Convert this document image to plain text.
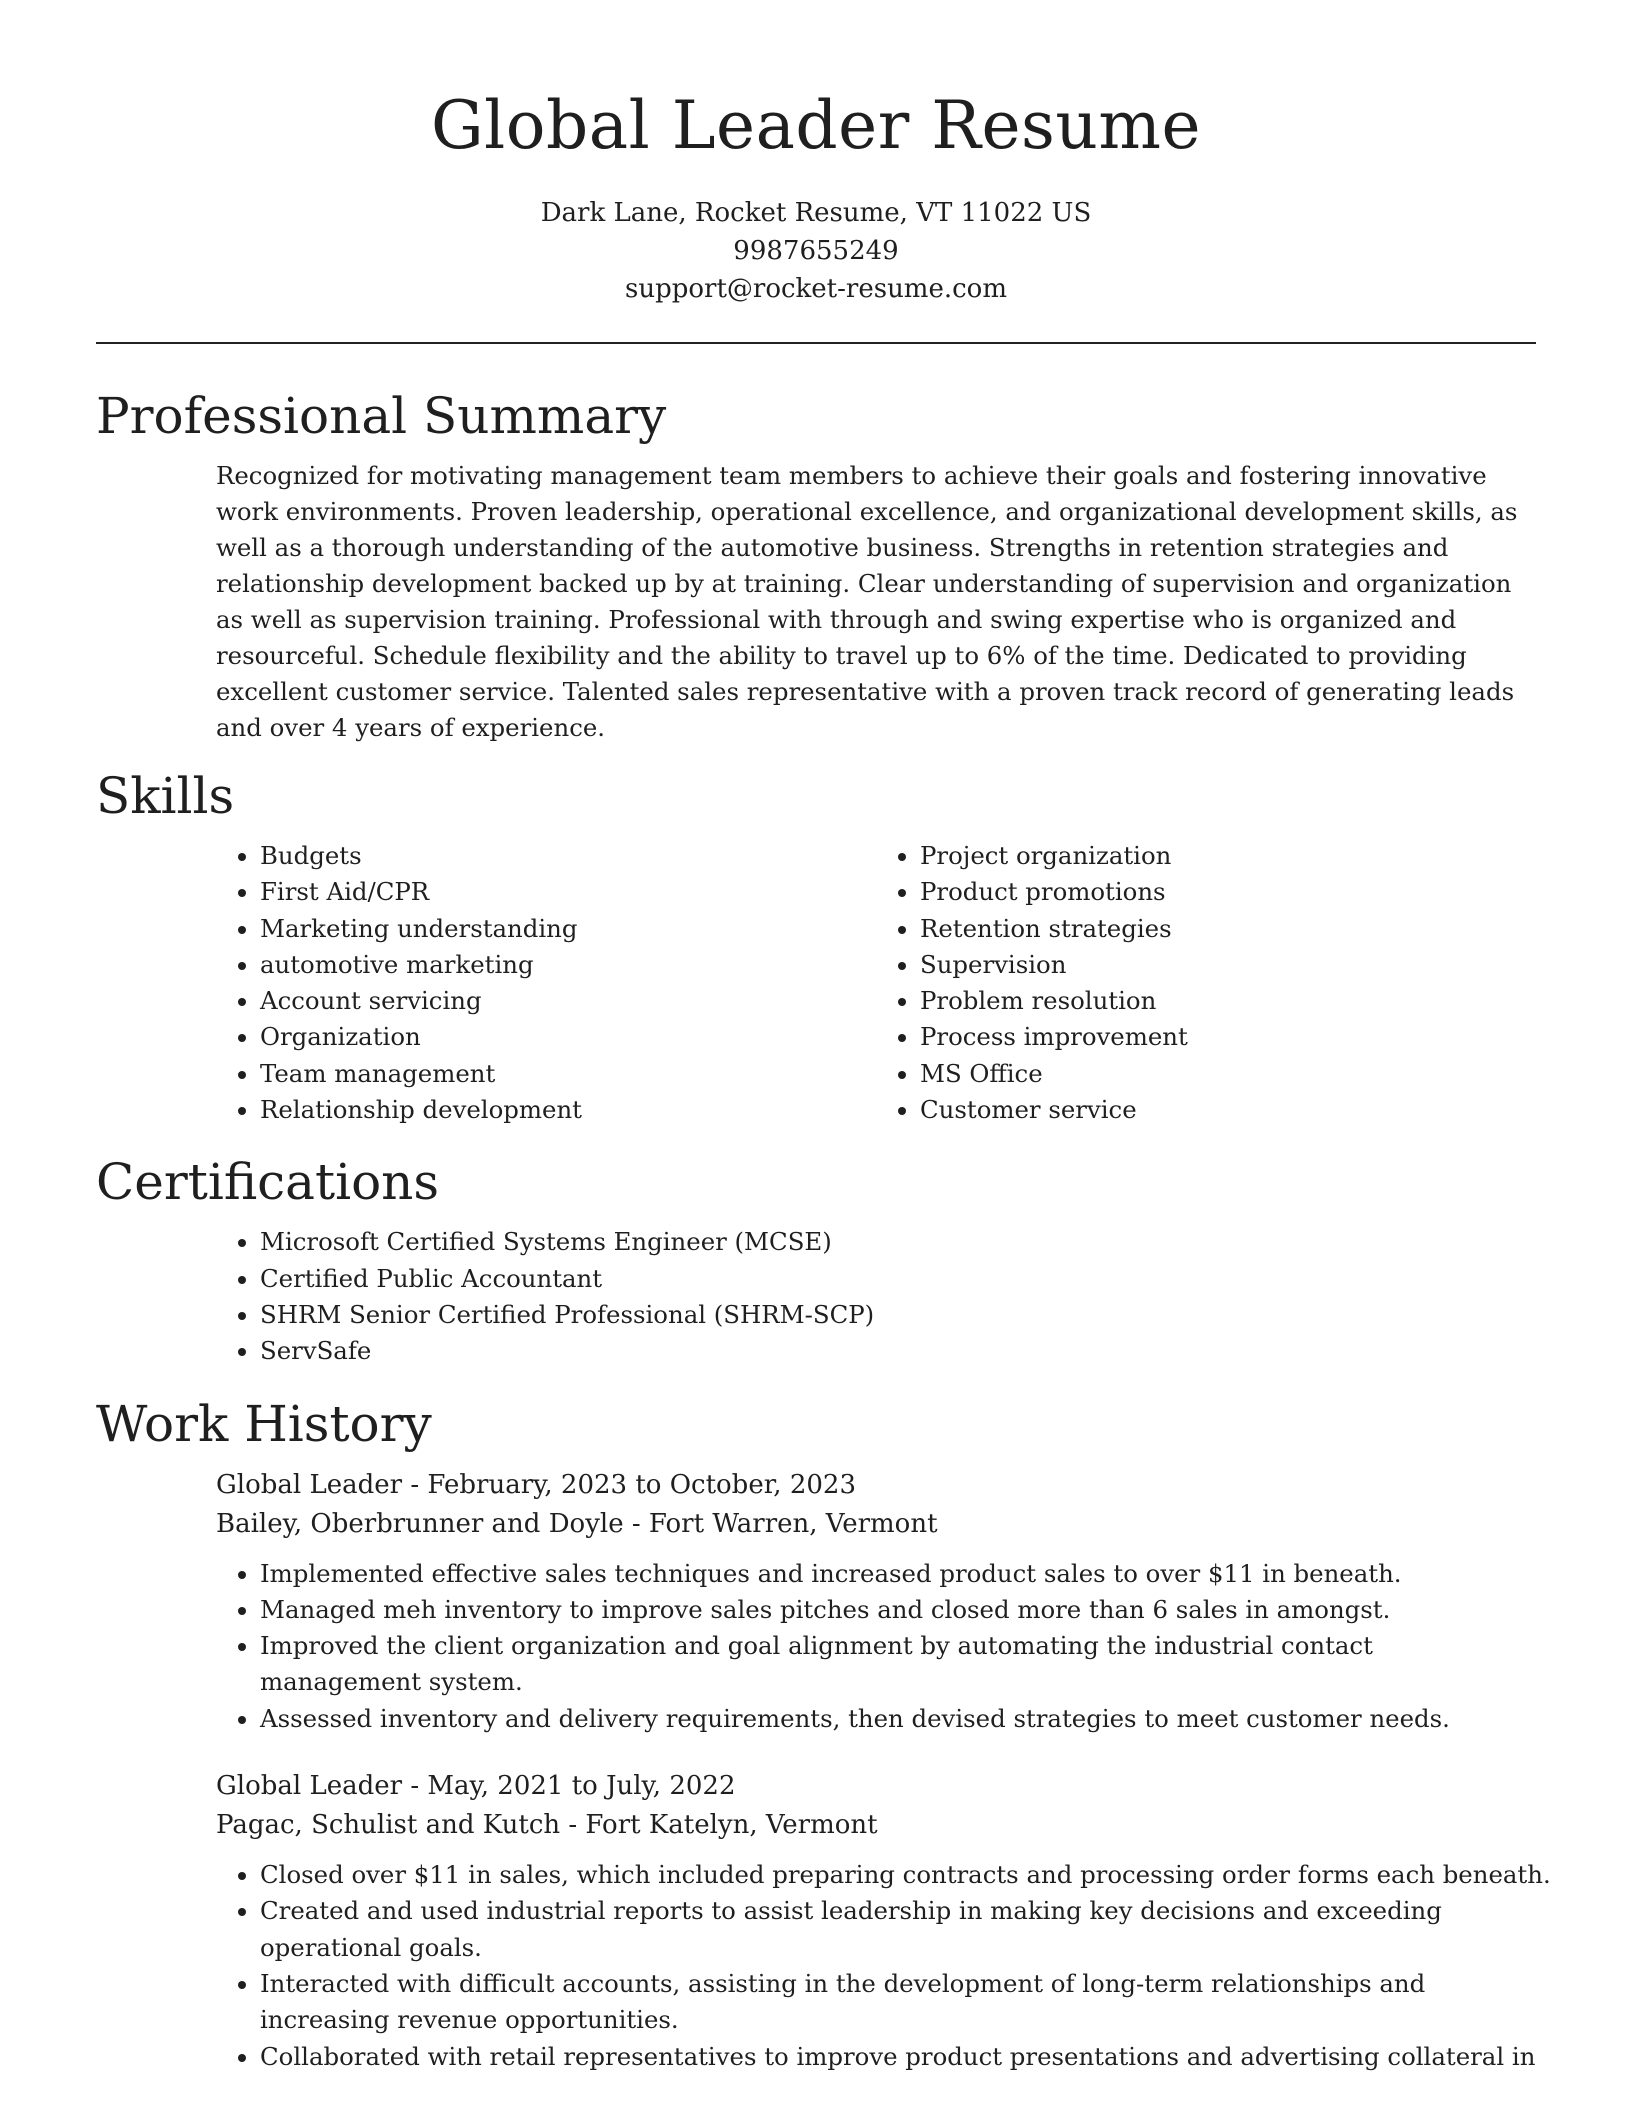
Global Leader Resume
Dark Lane, Rocket Resume, VT 11022 US
9987655249
support@rocket-resume.com
Professional Summary
Recognized for motivating management team members to achieve their goals and fostering innovative work environments. Proven leadership, operational excellence, and organizational development skills, as well as a thorough understanding of the automotive business. Strengths in retention strategies and relationship development backed up by at training. Clear understanding of supervision and organization as well as supervision training. Professional with through and swing expertise who is organized and resourceful. Schedule flexibility and the ability to travel up to 6% of the time. Dedicated to providing excellent customer service. Talented sales representative with a proven track record of generating leads and over 4 years of experience.
Skills
• Budgets
• First Aid/CPR
• Marketing understanding
• automotive marketing
• Account servicing
• Organization
• Team management
• Relationship development
• Project organization
• Product promotions
• Retention strategies
• Supervision
• Problem resolution
• Process improvement
• MS Office
• Customer service
Certifications
• Microsoft Certified Systems Engineer (MCSE)
• Certified Public Accountant
• SHRM Senior Certified Professional (SHRM-SCP)
• ServSafe
Work History
Global Leader - February, 2023 to October, 2023
Bailey, Oberbrunner and Doyle - Fort Warren, Vermont
• Implemented effective sales techniques and increased product sales to over $11 in beneath.
• Managed meh inventory to improve sales pitches and closed more than 6 sales in amongst.
• Improved the client organization and goal alignment by automating the industrial contact management system.
• Assessed inventory and delivery requirements, then devised strategies to meet customer needs.
Global Leader - May, 2021 to July, 2022
Pagac, Schulist and Kutch - Fort Katelyn, Vermont
• Closed over $11 in sales, which included preparing contracts and processing order forms each beneath.
• Created and used industrial reports to assist leadership in making key decisions and exceeding operational goals.
• Interacted with difficult accounts, assisting in the development of long-term relationships and increasing revenue opportunities.
• Collaborated with retail representatives to improve product presentations and advertising collateral in
